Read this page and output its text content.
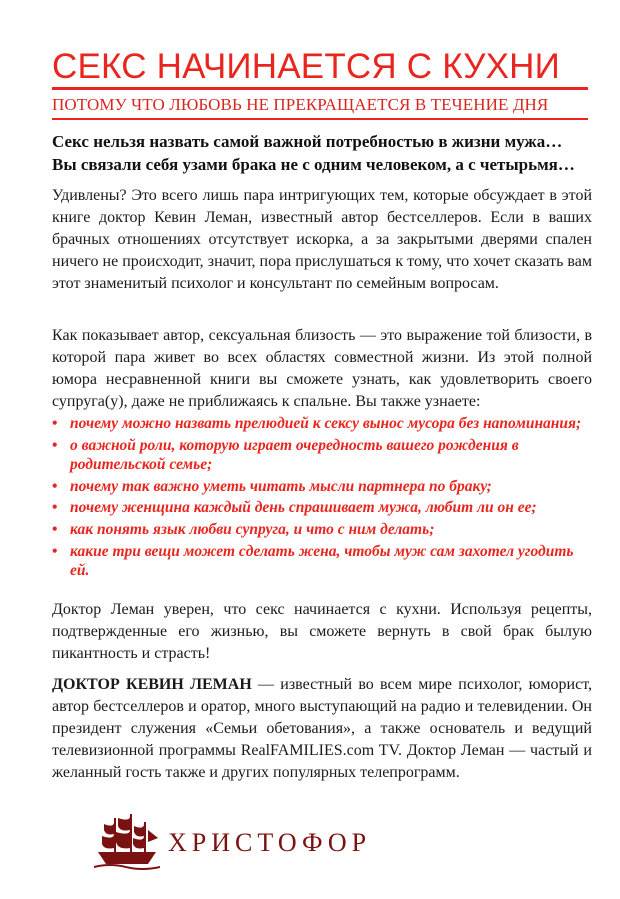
СЕКС НАЧИНАЕТСЯ С КУХНИ
ПОТОМУ ЧТО ЛЮБОВЬ НЕ ПРЕКРАЩАЕТСЯ В ТЕЧЕНИЕ ДНЯ
Секс нельзя назвать самой важной потребностью в жизни мужа…
Вы связали себя узами брака не с одним человеком, а с четырьмя…
Удивлены? Это всего лишь пара интригующих тем, которые обсуждает в этой книге доктор Кевин Леман, известный автор бестселлеров. Если в ваших брачных отношениях отсутствует искорка, а за закрытыми дверями спален ничего не происходит, значит, пора прислушаться к тому, что хочет сказать вам этот знаменитый психолог и консультант по семейным вопросам.
Как показывает автор, сексуальная близость — это выражение той близости, в которой пара живет во всех областях совместной жизни. Из этой полной юмора несравненной книги вы сможете узнать, как удовлетворить своего супруга(у), даже не приближаясь к спальне. Вы также узнаете:
• почему можно назвать прелюдией к сексу вынос мусора без напоминания;
• о важной роли, которую играет очередность вашего рождения в родительской семье;
• почему так важно уметь читать мысли партнера по браку;
• почему женщина каждый день спрашивает мужа, любит ли он ее;
• как понять язык любви супруга, и что с ним делать;
• какие три вещи может сделать жена, чтобы муж сам захотел угодить ей.
Доктор Леман уверен, что секс начинается с кухни. Используя рецепты, подтвержденные его жизнью, вы сможете вернуть в свой брак былую пикантность и страсть!
ДОКТОР КЕВИН ЛЕМАН — известный во всем мире психолог, юморист, автор бестселлеров и оратор, много выступающий на радио и телевидении. Он президент служения «Семьи обетования», а также основатель и ведущий телевизионной программы RealFAMILIES.com TV. Доктор Леман — частый и желанный гость также и других популярных телепрограмм.
ХРИСТОФОР
